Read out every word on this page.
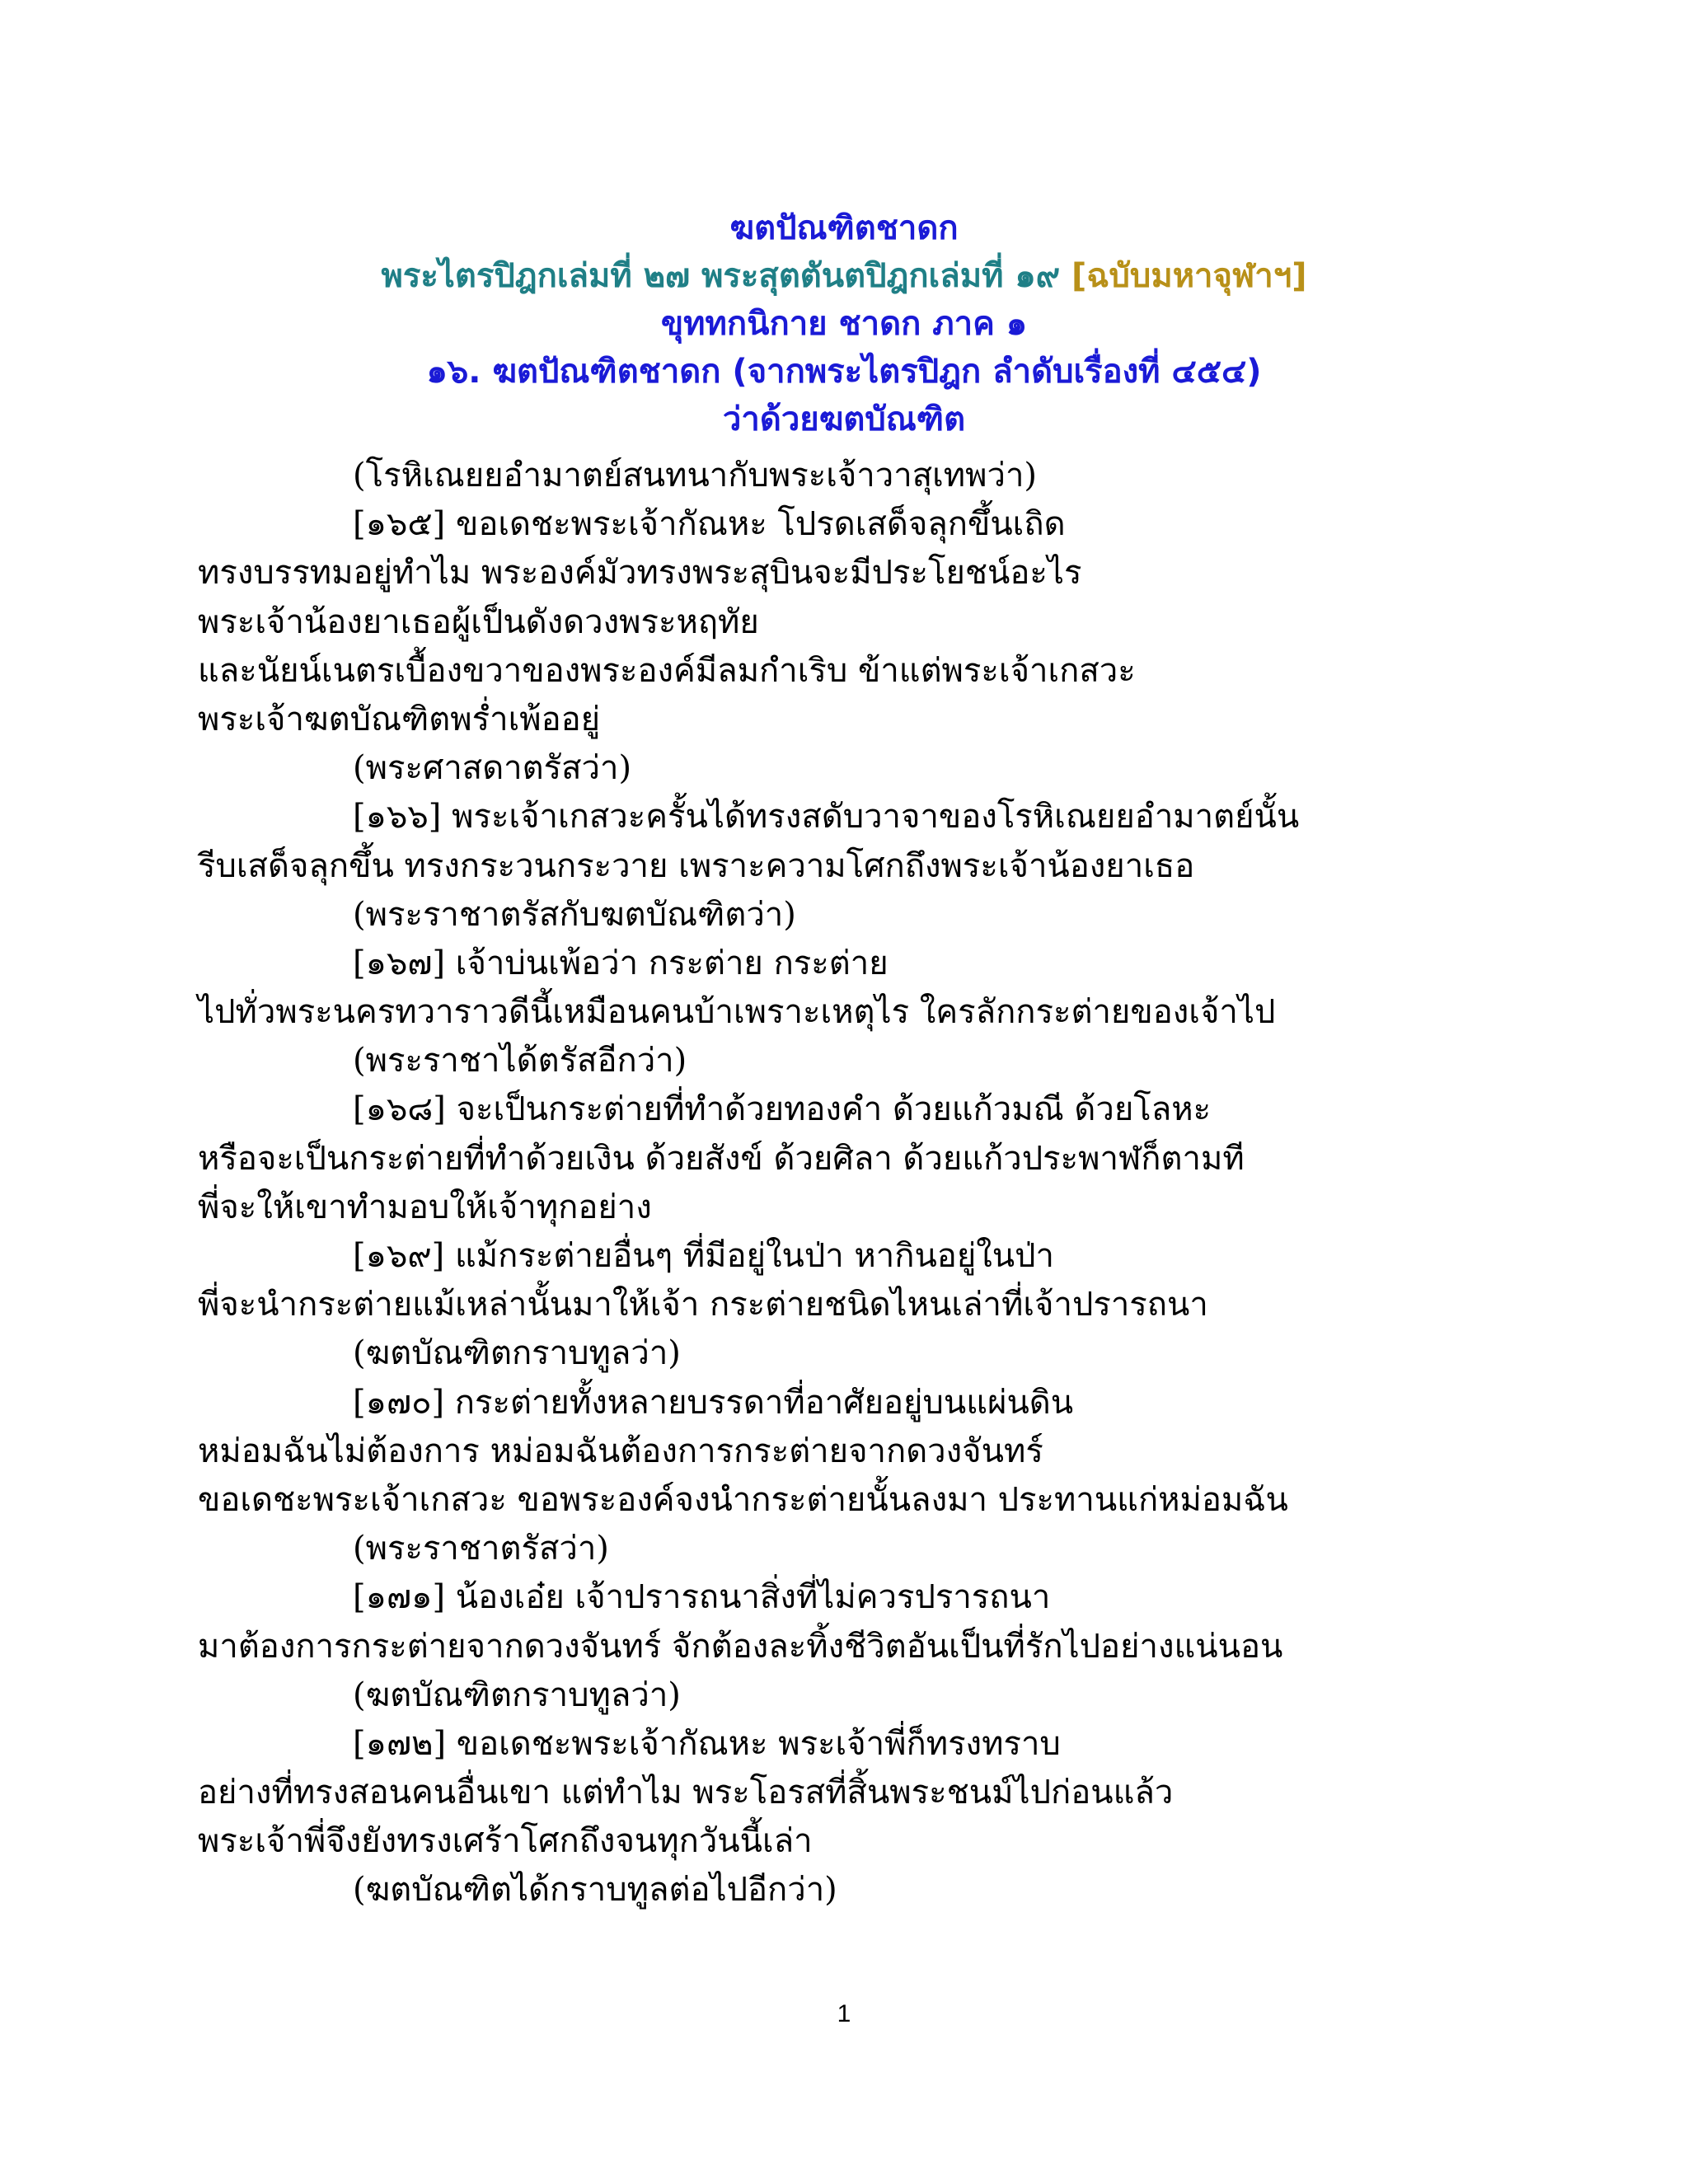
ฆตปัณฑิตชาดก
พระไตรปิฎกเล่มที่ ๒๗ พระสุตตันตปิฎกเล่มที่ ๑๙ [ฉบับมหาจุฬาฯ]
ขุททกนิกาย ชาดก ภาค ๑
๑๖. ฆตปัณฑิตชาดก (จากพระไตรปิฎก ลำดับเรื่องที่ ๔๕๔)
ว่าด้วยฆตบัณฑิต
(โรหิเณยยอำมาตย์สนทนากับพระเจ้าวาสุเทพว่า)
[๑๖๕] ขอเดชะพระเจ้ากัณหะ โปรดเสด็จลุกขึ้นเถิด
ทรงบรรทมอยู่ทำไม พระองค์มัวทรงพระสุบินจะมีประโยชน์อะไร
พระเจ้าน้องยาเธอผู้เป็นดังดวงพระหฤทัย
และนัยน์เนตรเบื้องขวาของพระองค์มีลมกำเริบ ข้าแต่พระเจ้าเกสวะ
พระเจ้าฆตบัณฑิตพร่ำเพ้ออยู่
(พระศาสดาตรัสว่า)
[๑๖๖] พระเจ้าเกสวะครั้นได้ทรงสดับวาจาของโรหิเณยยอำมาตย์นั้น
รีบเสด็จลุกขึ้น ทรงกระวนกระวาย เพราะความโศกถึงพระเจ้าน้องยาเธอ
(พระราชาตรัสกับฆตบัณฑิตว่า)
[๑๖๗] เจ้าบ่นเพ้อว่า กระต่าย กระต่าย
ไปทั่วพระนครทวาราวดีนี้เหมือนคนบ้าเพราะเหตุไร ใครลักกระต่ายของเจ้าไป
(พระราชาได้ตรัสอีกว่า)
[๑๖๘] จะเป็นกระต่ายที่ทำด้วยทองคำ ด้วยแก้วมณี ด้วยโลหะ
หรือจะเป็นกระต่ายที่ทำด้วยเงิน ด้วยสังข์ ด้วยศิลา ด้วยแก้วประพาฬก็ตามที
พี่จะให้เขาทำมอบให้เจ้าทุกอย่าง
[๑๖๙] แม้กระต่ายอื่นๆ ที่มีอยู่ในป่า หากินอยู่ในป่า
พี่จะนำกระต่ายแม้เหล่านั้นมาให้เจ้า กระต่ายชนิดไหนเล่าที่เจ้าปรารถนา
(ฆตบัณฑิตกราบทูลว่า)
[๑๗๐] กระต่ายทั้งหลายบรรดาที่อาศัยอยู่บนแผ่นดิน
หม่อมฉันไม่ต้องการ หม่อมฉันต้องการกระต่ายจากดวงจันทร์
ขอเดชะพระเจ้าเกสวะ ขอพระองค์จงนำกระต่ายนั้นลงมา ประทานแก่หม่อมฉัน
(พระราชาตรัสว่า)
[๑๗๑] น้องเอ๋ย เจ้าปรารถนาสิ่งที่ไม่ควรปรารถนา
มาต้องการกระต่ายจากดวงจันทร์ จักต้องละทิ้งชีวิตอันเป็นที่รักไปอย่างแน่นอน
(ฆตบัณฑิตกราบทูลว่า)
[๑๗๒] ขอเดชะพระเจ้ากัณหะ พระเจ้าพี่ก็ทรงทราบ
อย่างที่ทรงสอนคนอื่นเขา แต่ทำไม พระโอรสที่สิ้นพระชนม์ไปก่อนแล้ว
พระเจ้าพี่จึงยังทรงเศร้าโศกถึงจนทุกวันนี้เล่า
(ฆตบัณฑิตได้กราบทูลต่อไปอีกว่า)
1
